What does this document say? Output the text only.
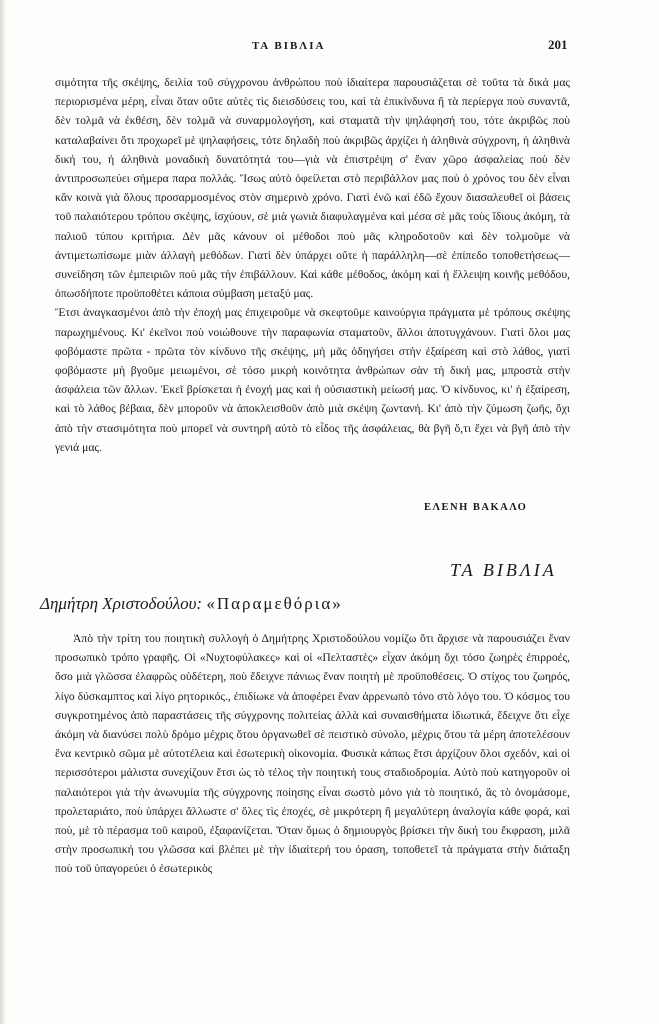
ΤΑ ΒΙΒΛΙΑ	201

σιμότητα τῆς σκέψης, δειλία τοῦ σύγχρονου ἀνθρώπου ποὺ ἰδιαίτερα παρουσιάζεται σὲ τοῦτα τὰ δικά μας περιορισμένα μέρη, εἶναι ὅταν οὔτε αὐτὲς τὶς διεισδύσεις του, καὶ τὰ ἐπικίνδυνα ἢ τὰ περίεργα ποὺ συναντᾶ, δὲν τολμᾶ νὰ ἐκθέση, δὲν τολμᾶ νὰ συναρμολογήση, καὶ σταματᾶ τὴν ψηλάφησή του, τότε ἀκριβῶς ποὺ καταλαβαίνει ὅτι προχωρεῖ μὲ ψηλαφήσεις, τότε δηλαδὴ ποὺ ἀκριβῶς ἀρχίζει ἡ ἀληθινὰ σύγχρονη, ἡ ἀληθινὰ δική του, ἡ ἀληθινὰ μοναδικὴ δυνατότητά του—γιὰ νὰ ἐπιστρέψη σ' ἕναν χῶρο ἀσφαλείας ποὺ δὲν ἀντιπροσωπεύει σήμερα παρα πολλάς. Ἴσως αὐτὸ ὀφείλεται στὸ περιβάλλον μας ποὺ ὁ χρόνος του δὲν εἶναι κἂν κοινὰ γιὰ ὅλους προσαρμοσμένος στὸν σημερινὸ χρόνο. Γιατὶ ἐνῶ καὶ ἐδῶ ἔχουν διασαλευθεῖ οἱ βάσεις τοῦ παλαιότερου τρόπου σκέψης, ἰσχύουν, σὲ μιὰ γωνιὰ διαφυλαγμένα καὶ μέσα σὲ μᾶς τοὺς ἴδιους ἀκόμη, τὰ παλιοῦ τύπου κριτήρια. Δὲν μᾶς κάνουν οἱ μέθοδοι ποὺ μᾶς κληροδοτοῦν καὶ δὲν τολμοῦμε νὰ ἀντιμετωπίσωμε μιὰν ἀλλαγὴ μεθόδων. Γιατὶ δὲν ὑπάρχει οὔτε ἡ παράλληλη—σὲ ἐπίπεδο τοποθετήσεως—συνείδηση τῶν ἐμπειριῶν ποὺ μᾶς τὴν ἐπιβάλλουν. Καὶ κάθε μέθοδος, ἀκόμη καὶ ἡ ἔλλειψη κοινῆς μεθόδου, ὁπωσδήποτε προϋποθέτει κάποια σύμβαση μεταξύ μας.

Ἔτσι ἀναγκασμένοι ἀπὸ τὴν ἐποχή μας ἐπιχειροῦμε νὰ σκεφτοῦμε καινούργια πράγματα μὲ τρόπους σκέψης παρωχημένους. Κι' ἐκεῖνοι ποὺ νοιώθουνε τὴν παραφωνία σταματοῦν, ἄλλοι ἀποτυγχάνουν. Γιατὶ ὅλοι μας φοβόμαστε πρῶτα - πρῶτα τὸν κίνδυνο τῆς σκέψης, μὴ μᾶς ὁδηγήσει στὴν ἐξαίρεση καὶ στὸ λάθος, γιατὶ φοβόμαστε μὴ βγοῦμε μειωμένοι, σὲ τόσο μικρὴ κοινότητα ἀνθρώπων σὰν τὴ δική μας, μπροστὰ στὴν ἀσφάλεια τῶν ἄλλων. Ἐκεῖ βρίσκεται ἡ ἐνοχή μας καὶ ἡ οὐσιαστικὴ μείωσή μας. Ὁ κίνδυνος, κι' ἡ ἐξαίρεση, καὶ τὸ λάθος βέβαια, δὲν μποροῦν νὰ ἀποκλεισθοῦν ἀπὸ μιὰ σκέψη ζωντανή. Κι' ἀπὸ τὴν ζύμωση ζωῆς, ὄχι ἀπὸ τὴν στασιμότητα ποὺ μπορεῖ νὰ συντηρῆ αὐτὸ τὸ εἶδος τῆς ἀσφάλειας, θὰ βγῆ ὅ,τι ἔχει νὰ βγῆ ἀπὸ τὴν γενιά μας.

ΕΛΕΝΗ ΒΑΚΑΛΟ
ΤΑ ΒΙΒΛΙΑ
Δημήτρη Χριστοδούλου: «Παραμεθόρια»

Ἀπὸ τὴν τρίτη του ποιητικὴ συλλογὴ ὁ Δημήτρης Χριστοδούλου νομίζω ὅτι ἄρχισε νὰ παρουσιάζει ἕναν προσωπικὸ τρόπο γραφῆς. Οἱ «Νυχτοφύλακες» καὶ οἱ «Πελταστὲς» εἶχαν ἀκόμη ὄχι τόσο ζωηρὲς ἐπιρροές, ὅσο μιὰ γλῶσσα ἐλαφρῶς οὐδέτερη, ποὺ ἔδειχνε πάνιως ἕναν ποιητὴ μὲ προϋποθέσεις. Ὁ στίχος του ζωηρός, λίγο δύσκαμπτος καὶ λίγο ρητορικός., ἐπιδίωκε νὰ ἀποφέρει ἕναν ἀρρενωπὸ τόνο στὸ λόγο του. Ὁ κόσμος του συγκροτημένος ἀπὸ παραστάσεις τῆς σύγχρονης πολιτείας ἀλλὰ καὶ συναισθήματα ἰδιωτικά, ἔδειχνε ὅτι εἶχε ἀκόμη νὰ διανύσει πολὺ δρόμο μέχρις ὅτου ὀργανωθεῖ σὲ πειστικὸ σύνολο, μέχρις ὅτου τὰ μέρη ἀποτελέσουν ἕνα κεντρικὸ σῶμα μὲ αὐτοτέλεια καὶ ἐσωτερικὴ οἰκονομία. Φυσικὰ κάπως ἔτσι ἀρχίζουν ὅλοι σχεδόν, καὶ οἱ περισσότεροι μάλιστα συνεχίζουν ἔτσι ὡς τὸ τέλος τὴν ποιητική τους σταδιοδρομία. Αὐτὸ ποὺ κατηγοροῦν οἱ παλαιότεροι γιὰ τὴν ἀνωνυμία τῆς σύγχρονης ποίησης εἶναι σωστὸ μόνο γιὰ τὸ ποιητικό, ἂς τὸ ὀνομάσομε, προλεταριάτο, ποὺ ὑπάρχει ἄλλωστε σ' ὅλες τὶς ἐποχές, σὲ μικρότερη ἢ μεγαλύτερη ἀναλογία κάθε φορά, καὶ ποὺ, μὲ τὸ πέρασμα τοῦ καιροῦ, ἐξαφανίζεται. Ὅταν ὅμως ὁ δημιουργὸς βρίσκει τὴν δική του ἔκφραση, μιλᾶ στὴν προσωπική του γλῶσσα καὶ βλέπει μὲ τὴν ἰδιαίτερή του όραση, τοποθετεῖ τὰ πράγματα στὴν διάταξη ποὺ τοῦ ὑπαγορεύει ὁ ἐσωτερικὸς
